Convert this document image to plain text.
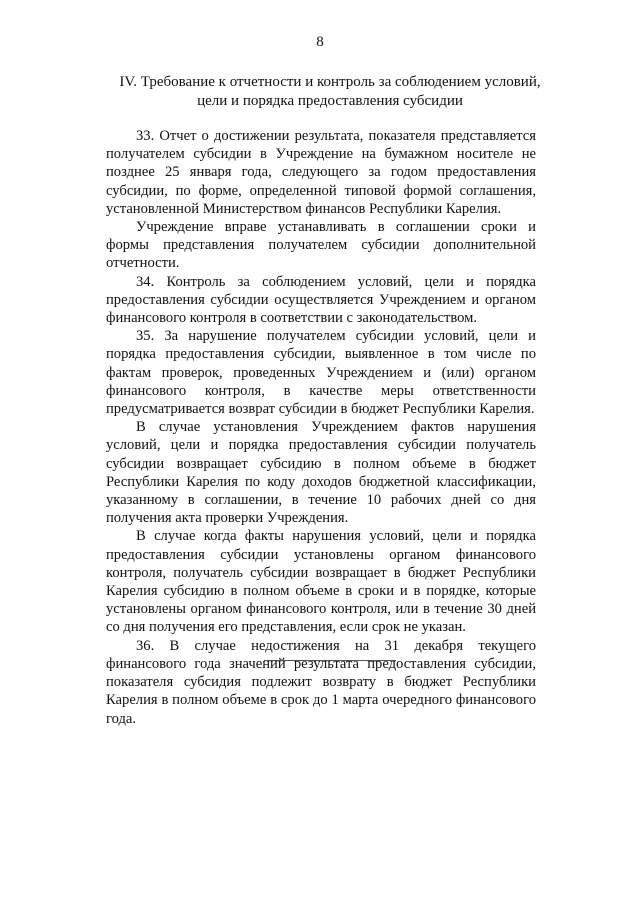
8
IV. Требование к отчетности и контроль за соблюдением условий,
цели и порядка предоставления субсидии

33. Отчет о достижении результата, показателя представляется получателем субсидии в Учреждение на бумажном носителе не позднее 25 января года, следующего за годом предоставления субсидии, по форме, определенной типовой формой соглашения, установленной Министерством финансов Республики Карелия.

Учреждение вправе устанавливать в соглашении сроки и формы представления получателем субсидии дополнительной отчетности.

34. Контроль за соблюдением условий, цели и порядка предоставления субсидии осуществляется Учреждением и органом финансового контроля в соответствии с законодательством.

35. За нарушение получателем субсидии условий, цели и порядка предоставления субсидии, выявленное в том числе по фактам проверок, проведенных Учреждением и (или) органом финансового контроля, в качестве меры ответственности предусматривается возврат субсидии в бюджет Республики Карелия.

В случае установления Учреждением фактов нарушения условий, цели и порядка предоставления субсидии получатель субсидии возвращает субсидию в полном объеме в бюджет Республики Карелия по коду доходов бюджетной классификации, указанному в соглашении, в течение 10 рабочих дней со дня получения акта проверки Учреждения.

В случае когда факты нарушения условий, цели и порядка предоставления субсидии установлены органом финансового контроля, получатель субсидии возвращает в бюджет Республики Карелия субсидию в полном объеме в сроки и в порядке, которые установлены органом финансового контроля, или в течение 30 дней со дня получения его представления, если срок не указан.

36. В случае недостижения на 31 декабря текущего финансового года значений результата предоставления субсидии, показателя субсидия подлежит возврату в бюджет Республики Карелия в полном объеме в срок до 1 марта очередного финансового года.
